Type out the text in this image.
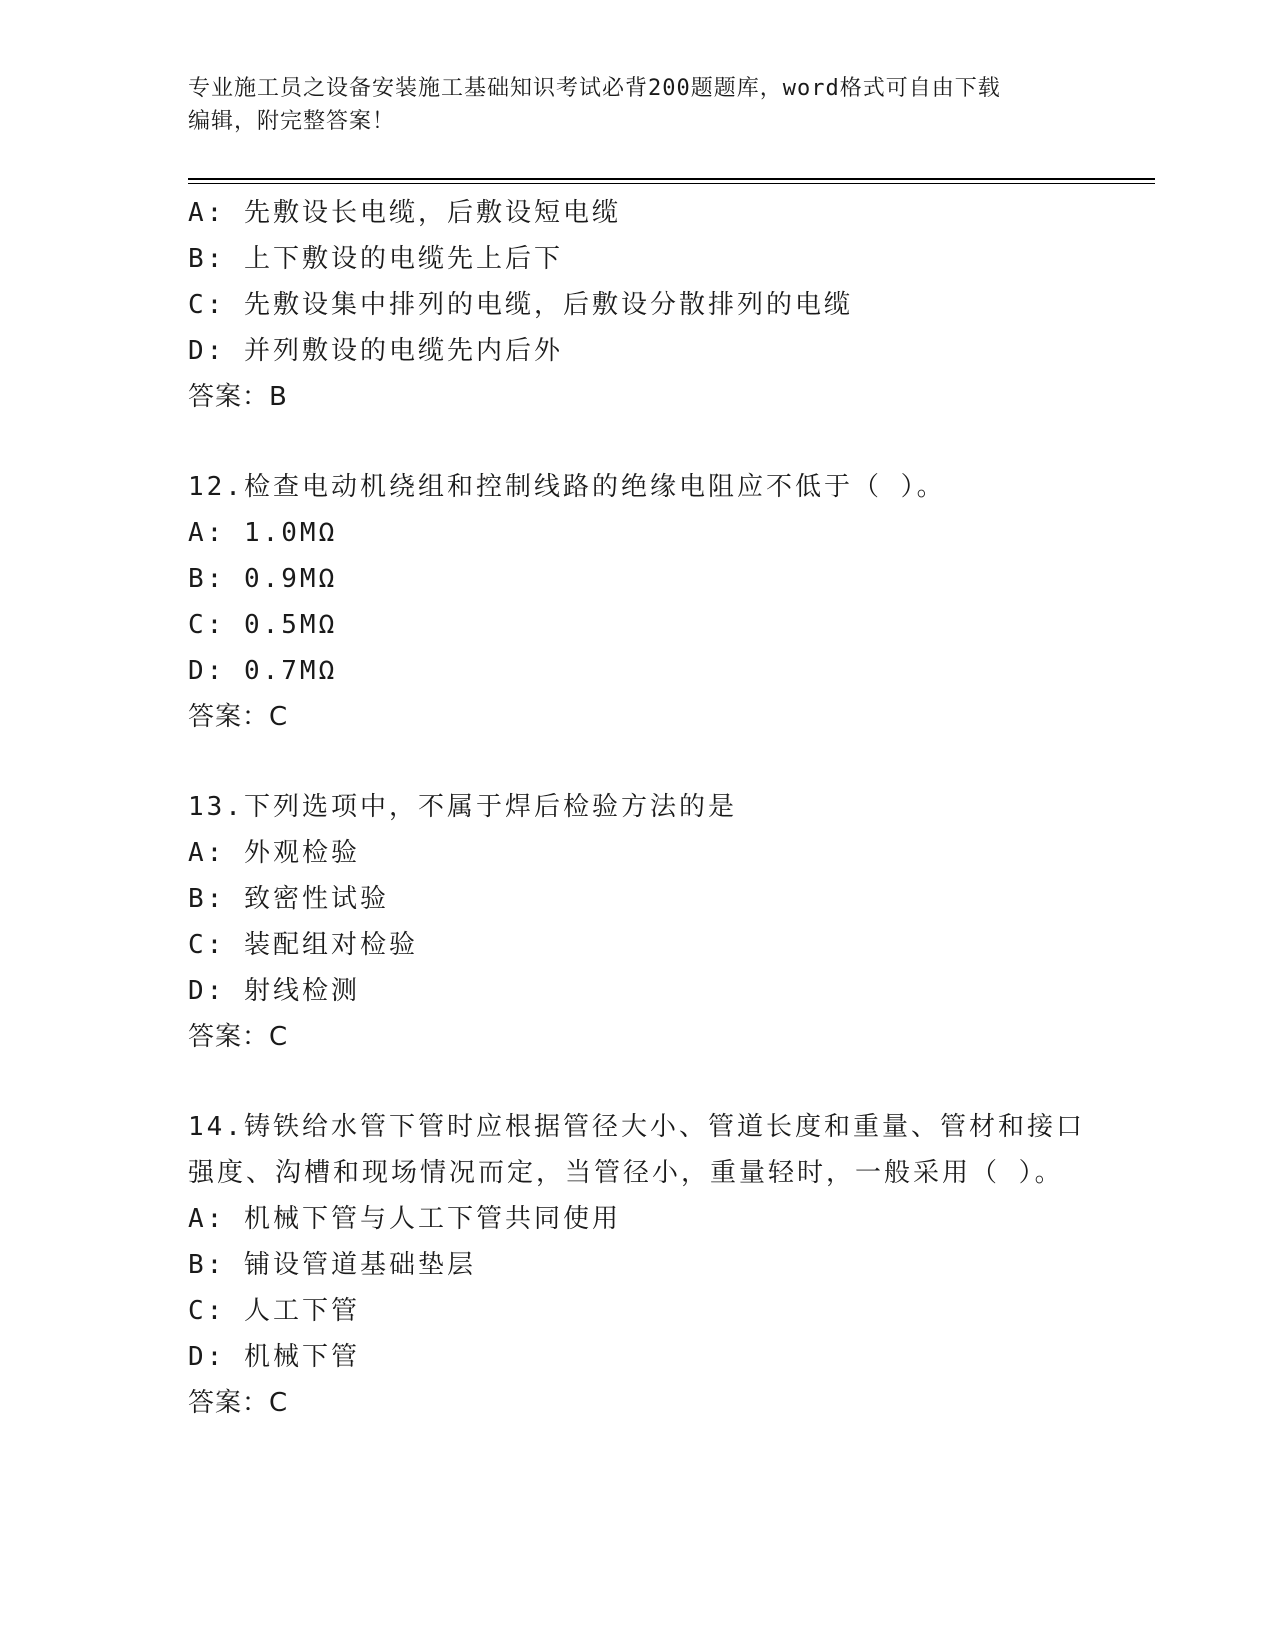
专业施工员之设备安装施工基础知识考试必背200题题库，word格式可自由下载
编辑，附完整答案！
A: 先敷设长电缆，后敷设短电缆
B: 上下敷设的电缆先上后下
C: 先敷设集中排列的电缆，后敷设分散排列的电缆
D: 并列敷设的电缆先内后外
答案：B
12.检查电动机绕组和控制线路的绝缘电阻应不低于（ ）。
A: 1.0MΩ
B: 0.9MΩ
C: 0.5MΩ
D: 0.7MΩ
答案：C
13.下列选项中，不属于焊后检验方法的是
A: 外观检验
B: 致密性试验
C: 装配组对检验
D: 射线检测
答案：C
14.铸铁给水管下管时应根据管径大小、管道长度和重量、管材和接口
强度、沟槽和现场情况而定，当管径小，重量轻时，一般采用（ ）。
A: 机械下管与人工下管共同使用
B: 铺设管道基础垫层
C: 人工下管
D: 机械下管
答案：C
